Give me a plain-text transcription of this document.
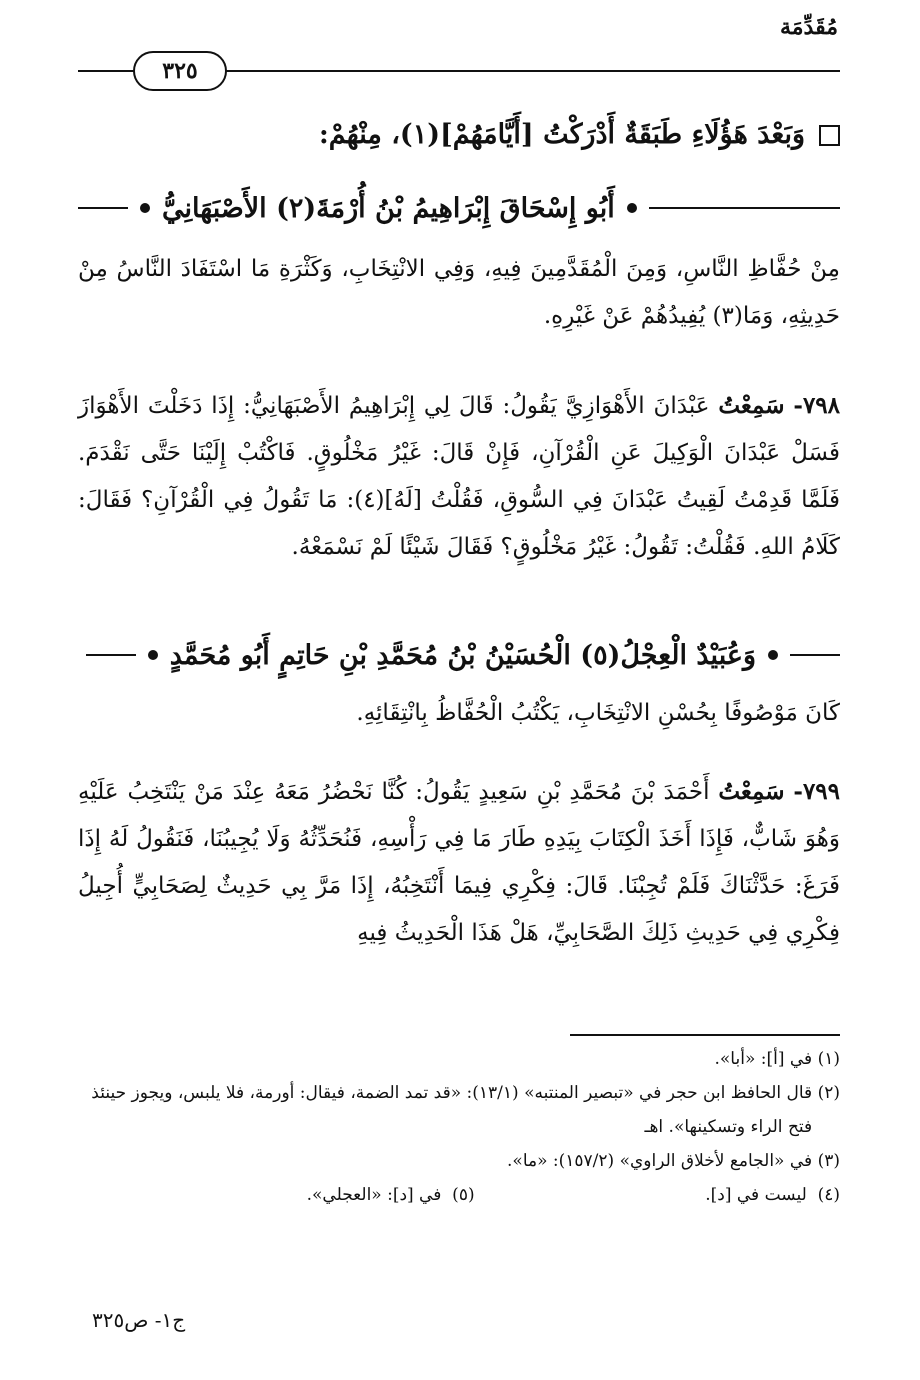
مُقَدِّمَة
٣٢٥
وَبَعْدَ هَؤُلَاءِ طَبَقَةٌ أَدْرَكْتُ [أَيَّامَهُمْ](١)، مِنْهُمْ:
أَبُو إِسْحَاقَ إِبْرَاهِيمُ بْنُ أُرْمَةَ(٢) الأَصْبَهَانِيُّ
مِنْ حُفَّاظِ النَّاسِ، وَمِنَ الْمُقَدَّمِينَ فِيهِ، وَفِي الانْتِخَابِ، وَكَثْرَةِ مَا اسْتَفَادَ النَّاسُ مِنْ حَدِيثِهِ، وَمَا(٣) يُفِيدُهُمْ عَنْ غَيْرِهِ.
٧٩٨- سَمِعْتُ عَبْدَانَ الأَهْوَازِيَّ يَقُولُ: قَالَ لِي إِبْرَاهِيمُ الأَصْبَهَانِيُّ: إِذَا دَخَلْتَ الأَهْوَازَ فَسَلْ عَبْدَانَ الْوَكِيلَ عَنِ الْقُرْآنِ، فَإِنْ قَالَ: غَيْرُ مَخْلُوقٍ. فَاكْتُبْ إِلَيْنَا حَتَّى نَقْدَمَ. فَلَمَّا قَدِمْتُ لَقِيتُ عَبْدَانَ فِي السُّوقِ، فَقُلْتُ [لَهُ](٤): مَا تَقُولُ فِي الْقُرْآنِ؟ فَقَالَ: كَلَامُ اللهِ. فَقُلْتُ: تَقُولُ: غَيْرُ مَخْلُوقٍ؟ فَقَالَ شَيْئًا لَمْ نَسْمَعْهُ.
وَعُبَيْدٌ الْعِجْلُ(٥) الْحُسَيْنُ بْنُ مُحَمَّدِ بْنِ حَاتِمٍ أَبُو مُحَمَّدٍ
كَانَ مَوْصُوفًا بِحُسْنِ الانْتِخَابِ، يَكْتُبُ الْحُفَّاظُ بِانْتِقَائِهِ.
٧٩٩- سَمِعْتُ أَحْمَدَ بْنَ مُحَمَّدِ بْنِ سَعِيدٍ يَقُولُ: كُنَّا نَحْضُرُ مَعَهُ عِنْدَ مَنْ يَنْتَخِبُ عَلَيْهِ وَهُوَ شَابٌّ، فَإِذَا أَخَذَ الْكِتَابَ بِيَدِهِ طَارَ مَا فِي رَأْسِهِ، فَنُحَدِّثُهُ وَلَا يُجِيبُنَا، فَنَقُولُ لَهُ إِذَا فَرَغَ: حَدَّثْنَاكَ فَلَمْ تُجِبْنَا. قَالَ: فِكْرِي فِيمَا أَنْتَخِبُهُ، إِذَا مَرَّ بِي حَدِيثٌ لِصَحَابِيٍّ أُجِيلُ فِكْرِي فِي حَدِيثِ ذَلِكَ الصَّحَابِيِّ، هَلْ هَذَا الْحَدِيثُ فِيهِ
(١)

في [أ]: «أبا».
(٢)

قال الحافظ ابن حجر في «تبصير المنتبه» (١٣/١): «قد تمد الضمة، فيقال: أورمة، فلا يلبس، ويجوز حينئذ فتح الراء وتسكينها». اهـ
(٣)

في «الجامع لأخلاق الراوي» (١٥٧/٢): «ما».
(٤)  ليست في [د].
(٥)  في [د]: «العجلي».
ج١- ص٣٢٥
